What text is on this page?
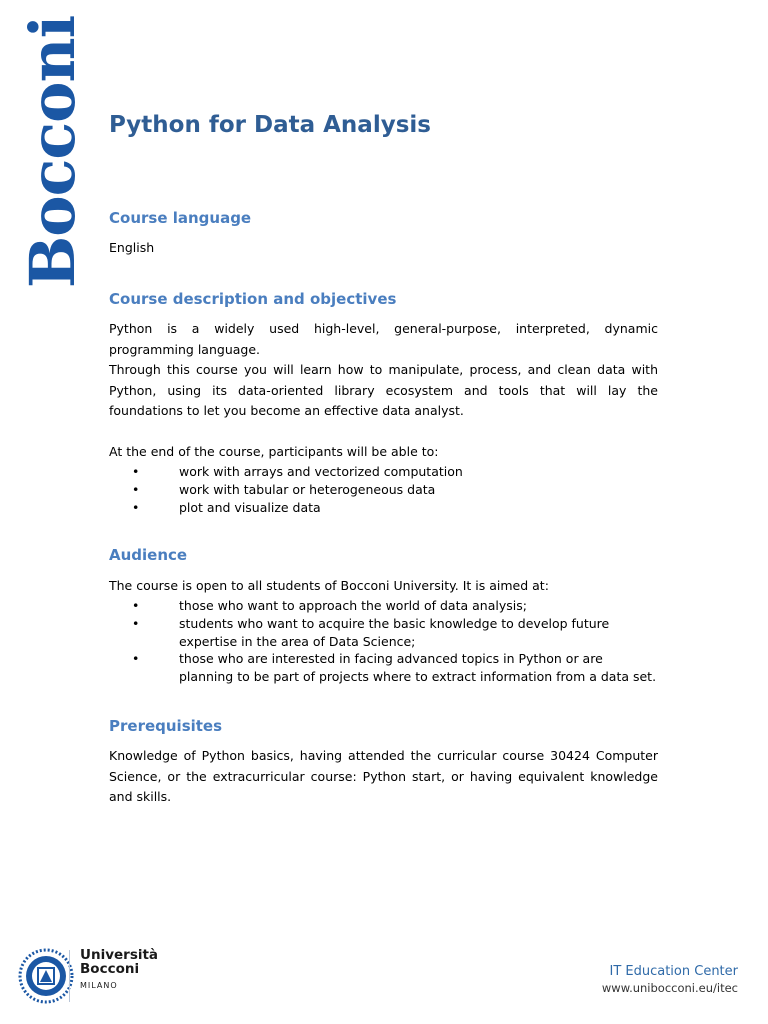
Bocconi Python for Data Analysis
Course language

English

Course description and objectives

Python is a widely used high-level, general-purpose, interpreted, dynamic programming language.

Through this course you will learn how to manipulate, process, and clean data with Python, using its data-oriented library ecosystem and tools that will lay the foundations to let you become an effective data analyst.

At the end of the course, participants will be able to:

• work with arrays and vectorized computation
• work with tabular or heterogeneous data
• plot and visualize data
Audience

The course is open to all students of Bocconi University. It is aimed at:

• those who want to approach the world of data analysis;
• students who want to acquire the basic knowledge to develop future expertise in the area of Data Science;
• those who are interested in facing advanced topics in Python or are planning to be part of projects where to extract information from a data set.
Prerequisites

Knowledge of Python basics, having attended the curricular course 30424 Computer Science, or the extracurricular course: Python start, or having equivalent knowledge and skills.

Università
Bocconi
MILANO
IT Education Center
www.unibocconi.eu/itec
